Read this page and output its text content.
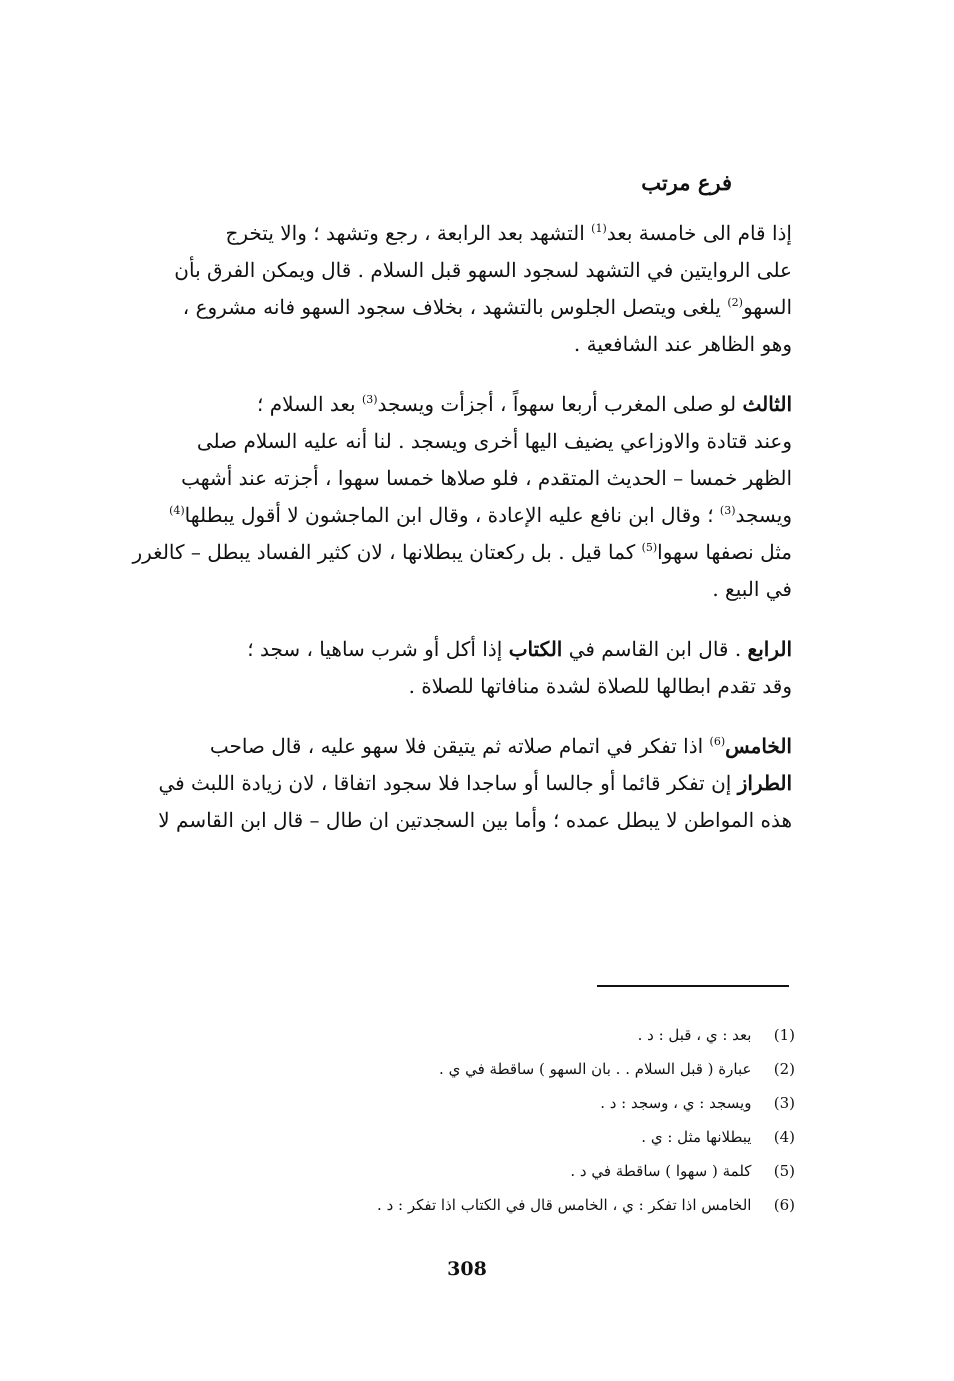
فرع مرتب
إذا قام الى خامسة بعد$^{(1)}$ التشهد بعد الرابعة ، رجع وتشهد ؛ والا يتخرج
على الروايتين في التشهد لسجود السهو قبل السلام . قال ويمكن الفرق بأن
السهو$^{(2)}$ يلغى ويتصل الجلوس بالتشهد ، بخلاف سجود السهو فانه مشروع ،
وهو الظاهر عند الشافعية .
الثالث لو صلى المغرب أربعا سهواً ، أجزأت ويسجد$^{(3)}$ بعد السلام ؛
وعند قتادة والاوزاعي يضيف اليها أخرى ويسجد . لنا أنه عليه السلام صلى
الظهر خمسا – الحديث المتقدم ، فلو صلاها خمسا سهوا ، أجزته عند أشهب
ويسجد$^{(3)}$ ؛ وقال ابن نافع عليه الإعادة ، وقال ابن الماجشون لا أقول يبطلها$^{(4)}$
مثل نصفها سهوا$^{(5)}$ كما قيل . بل ركعتان يبطلانها ، لان كثير الفساد يبطل – كالغرر
في البيع .
الرابع . قال ابن القاسم في الكتاب إذا أكل أو شرب ساهيا ، سجد ؛
وقد تقدم ابطالها للصلاة لشدة منافاتها للصلاة .
الخامس$^{(6)}$ اذا تفكر في اتمام صلاته ثم يتيقن فلا سهو عليه ، قال صاحب
الطراز إن تفكر قائما أو جالسا أو ساجدا فلا سجود اتفاقا ، لان زيادة اللبث في
هذه المواطن لا يبطل عمده ؛ وأما بين السجدتين ان طال – قال ابن القاسم لا
(1)  بعد : ي ، قبل : د .
(2)  عبارة ( قبل السلام . . بان السهو ) ساقطة في ي .
(3)  ويسجد : ي ، وسجد : د .
(4)  يبطلانها مثل : ي .
(5)  كلمة ( سهوا ) ساقطة في د .
(6)  الخامس اذا تفكر : ي ، الخامس قال في الكتاب اذا تفكر : د .
308
